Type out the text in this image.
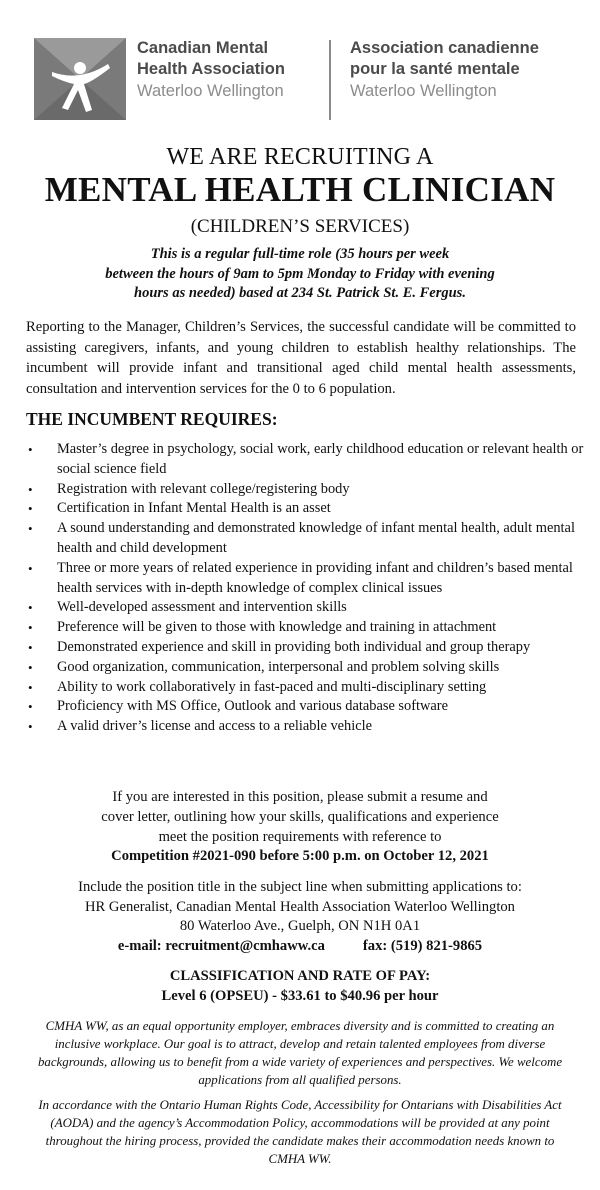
Canadian Mental
Health Association
Waterloo Wellington
Association canadienne
pour la santé mentale
Waterloo Wellington
WE ARE RECRUITING A
MENTAL HEALTH CLINICIAN
(CHILDREN’S SERVICES)
This is a regular full-time role (35 hours per week
between the hours of 9am to 5pm Monday to Friday with evening
hours as needed) based at 234 St. Patrick St. E. Fergus.
Reporting to the Manager, Children’s Services, the successful candidate will be committed to assisting caregivers, infants, and young children to establish healthy relationships. The incumbent will provide infant and transitional aged child mental health assessments, consultation and intervention services for the 0 to 6 population.
THE INCUMBENT REQUIRES:
• Master’s degree in psychology, social work, early childhood education or relevant health or social science field
• Registration with relevant college/registering body
• Certification in Infant Mental Health is an asset
• A sound understanding and demonstrated knowledge of infant mental health, adult mental health and child development
• Three or more years of related experience in providing infant and children’s based mental health services with in-depth knowledge of complex clinical issues
• Well-developed assessment and intervention skills
• Preference will be given to those with knowledge and training in attachment
• Demonstrated experience and skill in providing both individual and group therapy
• Good organization, communication, interpersonal and problem solving skills
• Ability to work collaboratively in fast-paced and multi-disciplinary setting
• Proficiency with MS Office, Outlook and various database software
• A valid driver’s license and access to a reliable vehicle
If you are interested in this position, please submit a resume and
cover letter, outlining how your skills, qualifications and experience
meet the position requirements with reference to
Competition #2021-090 before 5:00 p.m. on October 12, 2021
Include the position title in the subject line when submitting applications to:
HR Generalist, Canadian Mental Health Association Waterloo Wellington
80 Waterloo Ave., Guelph, ON N1H 0A1
e-mail: recruitment@cmhaww.ca	fax: (519) 821-9865
CLASSIFICATION AND RATE OF PAY:
Level 6 (OPSEU) - $33.61 to $40.96 per hour
CMHA WW, as an equal opportunity employer, embraces diversity and is committed to creating an inclusive workplace. Our goal is to attract, develop and retain talented employees from diverse backgrounds, allowing us to benefit from a wide variety of experiences and perspectives. We welcome applications from all qualified persons.
In accordance with the Ontario Human Rights Code, Accessibility for Ontarians with Disabilities Act (AODA) and the agency’s Accommodation Policy, accommodations will be provided at any point throughout the hiring process, provided the candidate makes their accommodation needs known to CMHA WW.
